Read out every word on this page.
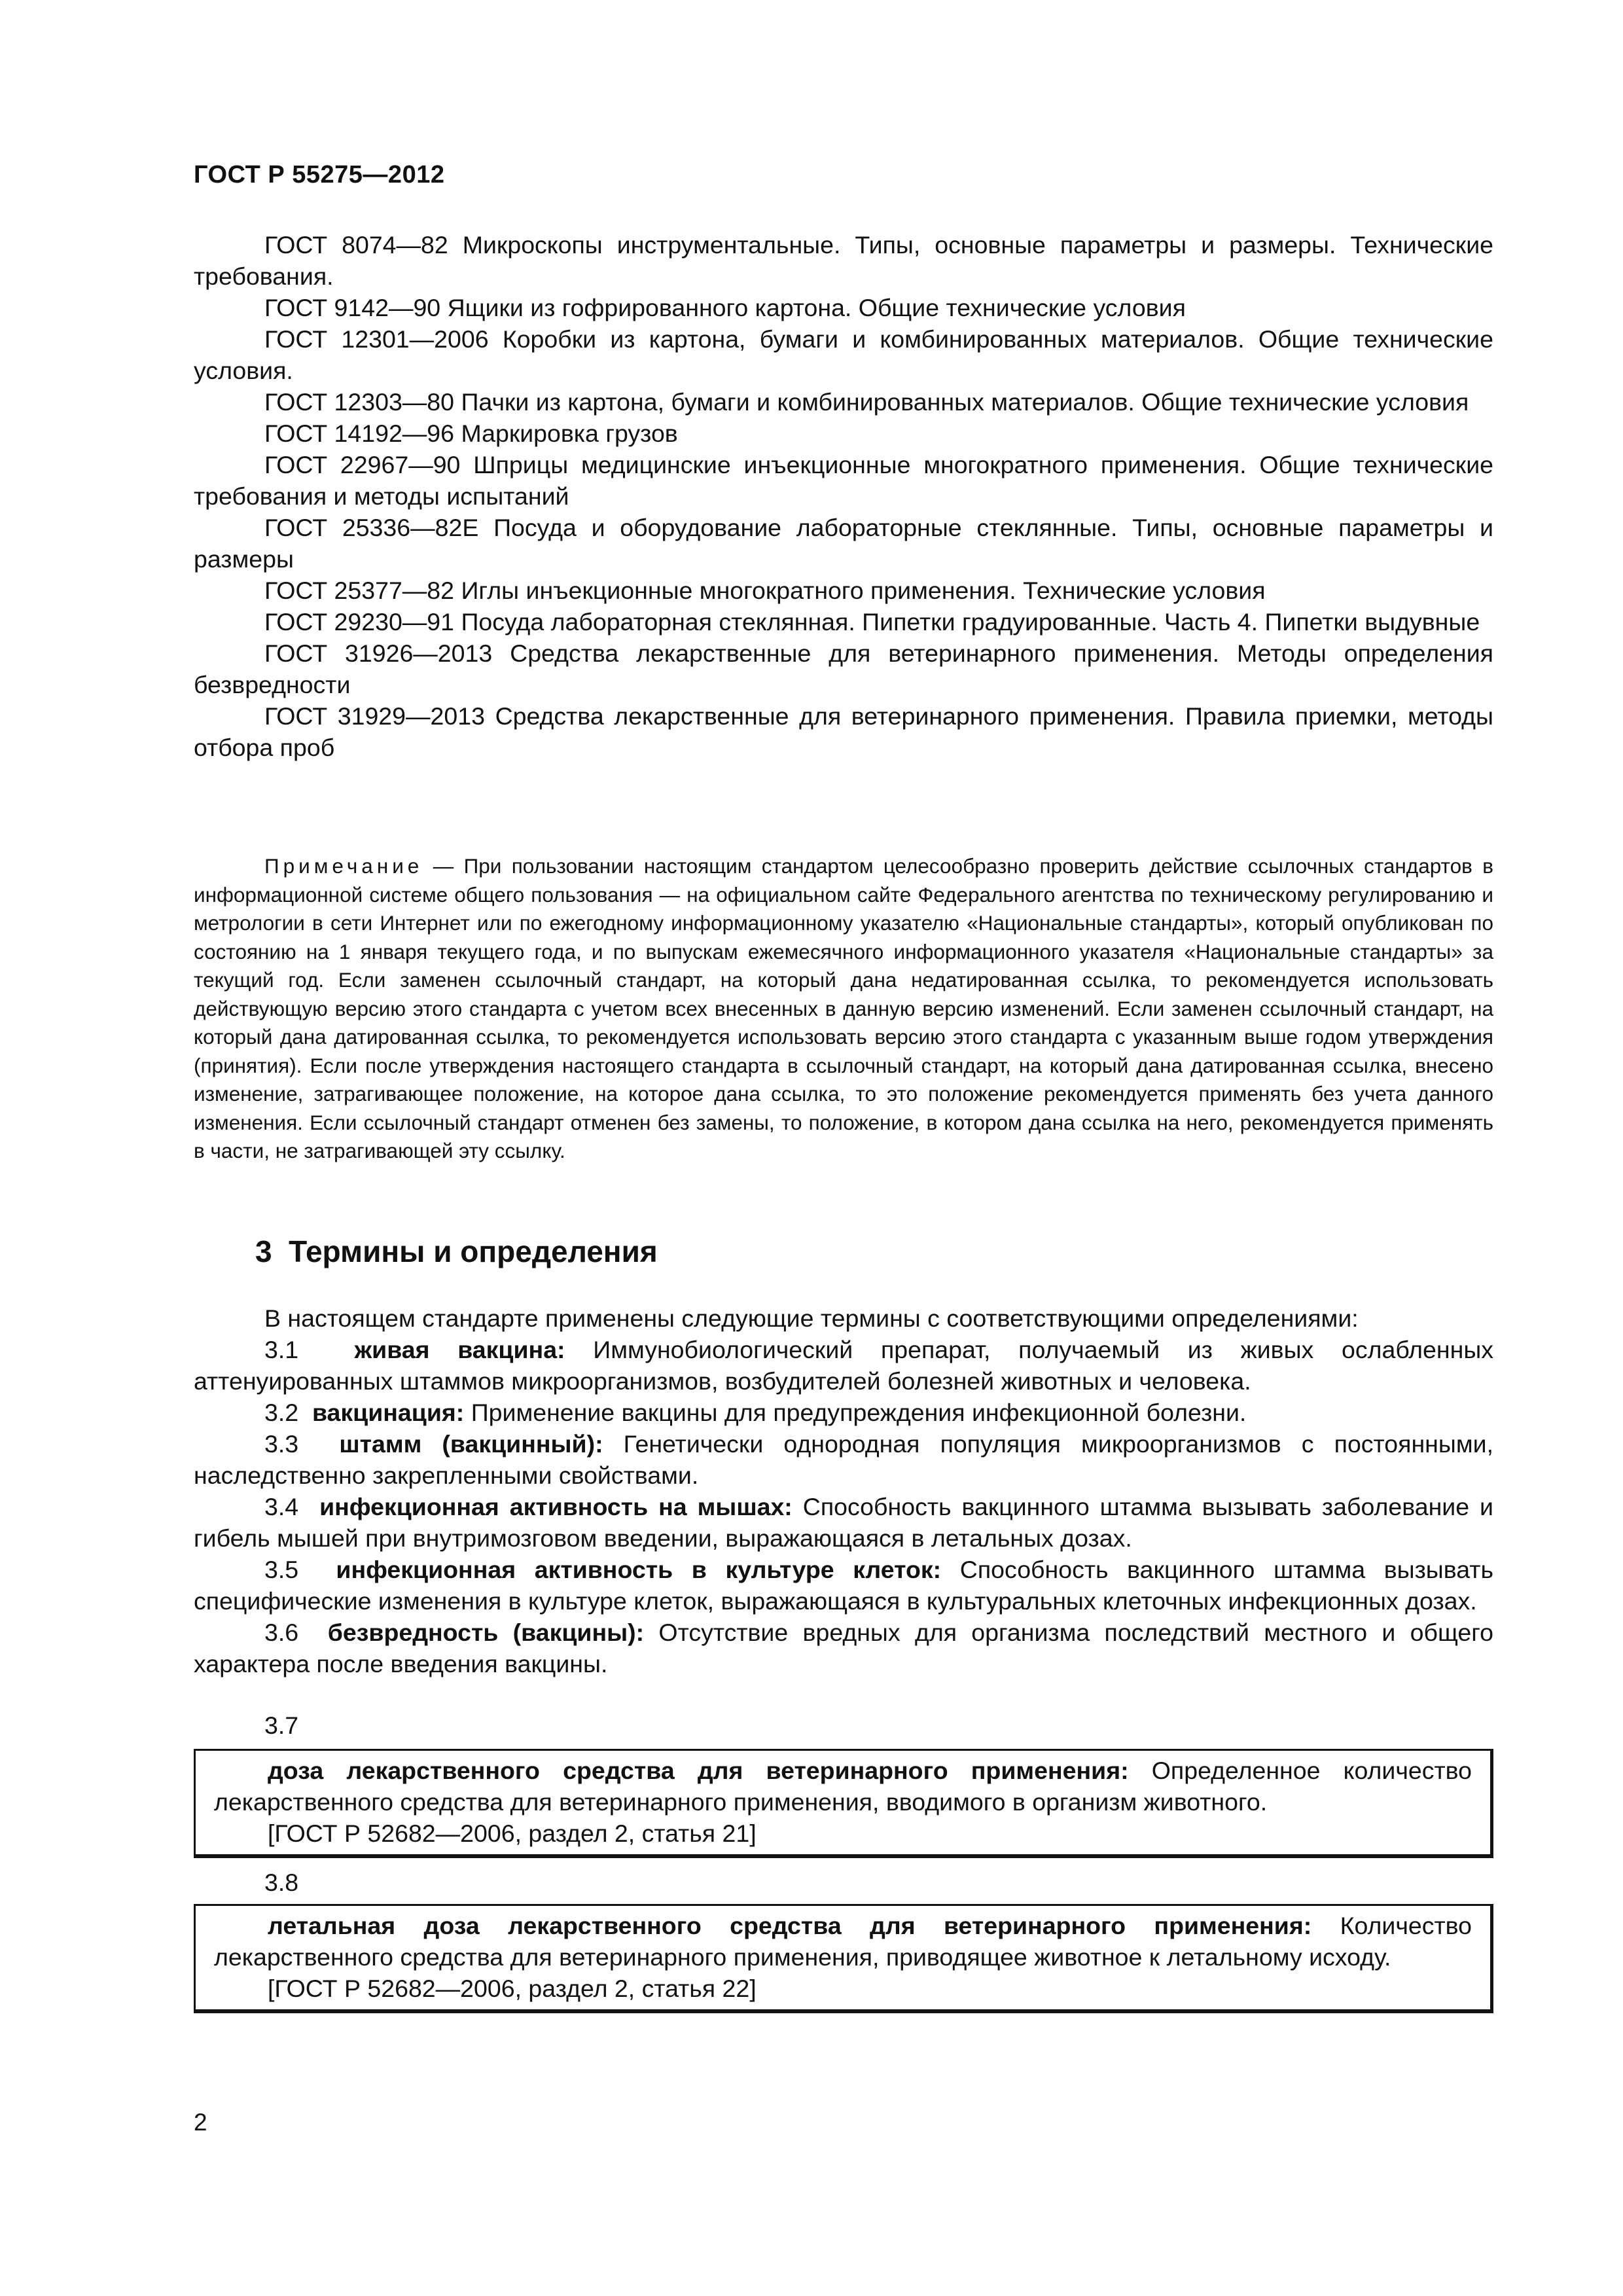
ГОСТ Р 55275—2012

ГОСТ 8074—82 Микроскопы инструментальные. Типы, основные параметры и размеры. Технические требования.

ГОСТ 9142—90 Ящики из гофрированного картона. Общие технические условия

ГОСТ 12301—2006 Коробки из картона, бумаги и комбинированных материалов. Общие технические условия.

ГОСТ 12303—80 Пачки из картона, бумаги и комбинированных материалов. Общие технические условия

ГОСТ 14192—96 Маркировка грузов

ГОСТ 22967—90 Шприцы медицинские инъекционные многократного применения. Общие технические требования и методы испытаний

ГОСТ 25336—82Е Посуда и оборудование лабораторные стеклянные. Типы, основные параметры и размеры

ГОСТ 25377—82 Иглы инъекционные многократного применения. Технические условия

ГОСТ 29230—91 Посуда лабораторная стеклянная. Пипетки градуированные. Часть 4. Пипетки выдувные

ГОСТ 31926—2013 Средства лекарственные для ветеринарного применения. Методы определения безвредности

ГОСТ 31929—2013 Средства лекарственные для ветеринарного применения. Правила приемки, методы отбора проб

Примечание — При пользовании настоящим стандартом целесообразно проверить действие ссылочных стандартов в информационной системе общего пользования — на официальном сайте Федерального агентства по техническому регулированию и метрологии в сети Интернет или по ежегодному информационному указателю «Национальные стандарты», который опубликован по состоянию на 1 января текущего года, и по выпускам ежемесячного информационного указателя «Национальные стандарты» за текущий год. Если заменен ссылочный стандарт, на который дана недатированная ссылка, то рекомендуется использовать действующую версию этого стандарта с учетом всех внесенных в данную версию изменений. Если заменен ссылочный стандарт, на который дана датированная ссылка, то рекомендуется использовать версию этого стандарта с указанным выше годом утверждения (принятия). Если после утверждения настоящего стандарта в ссылочный стандарт, на который дана датированная ссылка, внесено изменение, затрагивающее положение, на которое дана ссылка, то это положение рекомендуется применять без учета данного изменения. Если ссылочный стандарт отменен без замены, то положение, в котором дана ссылка на него, рекомендуется применять в части, не затрагивающей эту ссылку.

3 Термины и определения

В настоящем стандарте применены следующие термины с соответствующими определениями:

3.1 живая вакцина: Иммунобиологический препарат, получаемый из живых ослабленных аттенуированных штаммов микроорганизмов, возбудителей болезней животных и человека.

3.2 вакцинация: Применение вакцины для предупреждения инфекционной болезни.

3.3 штамм (вакцинный): Генетически однородная популяция микроорганизмов с постоянными, наследственно закрепленными свойствами.

3.4 инфекционная активность на мышах: Способность вакцинного штамма вызывать заболевание и гибель мышей при внутримозговом введении, выражающаяся в летальных дозах.

3.5 инфекционная активность в культуре клеток: Способность вакцинного штамма вызывать специфические изменения в культуре клеток, выражающаяся в культуральных клеточных инфекционных дозах.

3.6 безвредность (вакцины): Отсутствие вредных для организма последствий местного и общего характера после введения вакцины.

3.7

доза лекарственного средства для ветеринарного применения: Определенное количество лекарственного средства для ветеринарного применения, вводимого в организм животного.

[ГОСТ Р 52682—2006, раздел 2, статья 21]

3.8

летальная доза лекарственного средства для ветеринарного применения: Количество лекарственного средства для ветеринарного применения, приводящее животное к летальному исходу.

[ГОСТ Р 52682—2006, раздел 2, статья 22]

2
